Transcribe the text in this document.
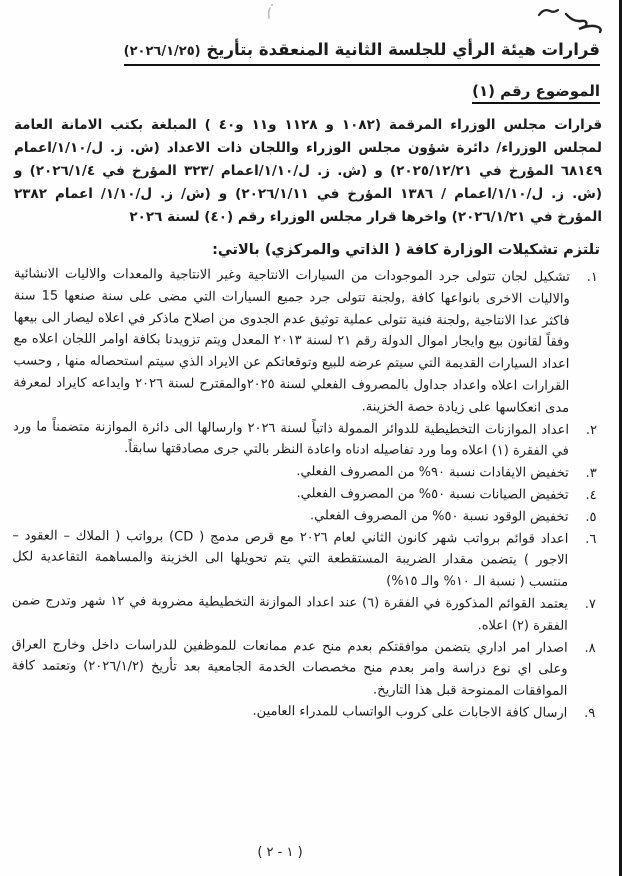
قرارات هيئة الرأي للجلسة الثانية المنعقدة بتأريخ (٢٠٢٦/١/٢٥)
الموضوع رقم (١)

قرارات مجلس الوزراء المرقمة (١٠٨٢ و ١١٢٨ و١١ و٤٠ ) المبلغة بكتب الامانة العامة لمجلس الوزراء/ دائرة شؤون مجلس الوزراء واللجان ذات الاعداد (ش. ز. ل/١/١٠/اعمام ٦٨١٤٩ المؤرخ في ٢٠٢٥/١٢/٢١) و (ش. ز. ل/١/١٠/اعمام /٣٢٣ المؤرخ في ٢٠٢٦/١/٤) و (ش. ز. ل/١/١٠/اعمام / ١٣٨٦ المؤرخ في ٢٠٢٦/١/١١) و (ش/ ز. ل/١/١٠/ اعمام ٢٣٨٢ المؤرخ في ٢٠٢٦/١/٢١) واخرها قرار مجلس الوزراء رقم (٤٠) لسنة ٢٠٢٦

تلتزم تشكيلات الوزارة كافة ( الذاتي والمركزي) بالاتي:

١.
تشكيل لجان تتولى جرد الموجودات من السيارات الانتاجية وغير الانتاجية والمعدات والاليات الانشائية والاليات الاخرى بانواعها كافة ,ولجنة تتولى جرد جميع السيارات التي مضى على سنة صنعها 15 سنة فاكثر عدا الانتاجية ,ولجنة فنية تتولى عملية توثيق عدم الجدوى من اصلاح ماذكر في اعلاه ليصار الى بيعها وفقاً لقانون بيع وايجار اموال الدولة رقم ٢١ لسنة ٢٠١٣ المعدل ويتم تزويدنا بكافة اوامر اللجان اعلاه مع اعداد السيارات القديمة التي سيتم عرضه للبيع وتوقعاتكم عن الايراد الذي سيتم استحصاله منها , وحسب القرارات اعلاه واعداد جداول بالمصروف الفعلي لسنة ٢٠٢٥والمقترح لسنة ٢٠٢٦ وايداعه كايراد لمعرفة مدى انعكاسها على زيادة حصة الخزينة.
٢.
اعداد الموازنات التخطيطية للدوائر الممولة ذاتياً لسنة ٢٠٢٦ وارسالها الى دائرة الموازنة متضمناً ما ورد في الفقرة (١) اعلاه وما ورد تفاصيله ادناه واعادة النظر بالتي جرى مصادقتها سابقاً.
٣.
تخفيض الايفادات نسبة ٩٠% من المصروف الفعلي.
٤.
تخفيض الصيانات نسبة ٥٠% من المصروف الفعلي.
٥.
تخفيض الوقود نسبة ٥٠% من المصروف الفعلي.
٦.
اعداد قوائم برواتب شهر كانون الثاني لعام ٢٠٢٦ مع قرص مدمج ( CD) برواتب ( الملاك – العقود – الاجور ) يتضمن مقدار الضريبة المستقطعة التي يتم تحويلها الى الخزينة والمساهمة التقاعدية لكل منتسب ( نسبة الـ ١٠% والـ ١٥%)
٧.
يعتمد القوائم المذكورة في الفقرة (٦) عند اعداد الموازنة التخطيطية مضروبة في ١٢ شهر وتدرج ضمن الفقرة (٢) اعلاه.
٨.
اصدار امر اداري يتضمن موافقتكم بعدم منح عدم ممانعات للموظفين للدراسات داخل وخارج العراق وعلى اي نوع دراسة وامر بعدم منح مخصصات الخدمة الجامعية بعد تأريخ (٢٠٢٦/١/٢) وتعتمد كافة الموافقات الممنوحة قبل هذا التاريخ.
٩.
ارسال كافة الاجابات على كروب الواتساب للمدراء العامين.
( ١ - ٢ )
